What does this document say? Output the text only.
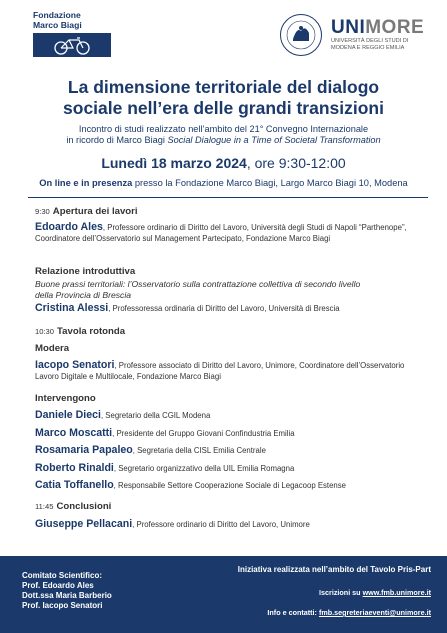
Fondazione
Marco Biagi	UNIMORE
UNIVERSITÀ DEGLI STUDI DI
MODENA E REGGIO EMILIA
La dimensione territoriale del dialogo
sociale nell’era delle grandi transizioni
Incontro di studi realizzato nell’ambito del 21° Convegno Internazionale
in ricordo di Marco Biagi Social Dialogue in a Time of Societal Transformation
Lunedì 18 marzo 2024, ore 9:30-12:00
On line e in presenza presso la Fondazione Marco Biagi, Largo Marco Biagi 10, Modena
9:30 Apertura dei lavori
Edoardo Ales, Professore ordinario di Diritto del Lavoro, Università degli Studi di Napoli “Parthenope”, Coordinatore dell’Osservatorio sul Management Partecipato, Fondazione Marco Biagi
Relazione introduttiva
Buone prassi territoriali: l’Osservatorio sulla contrattazione collettiva di secondo livello della Provincia di Brescia
Cristina Alessi, Professoressa ordinaria di Diritto del Lavoro, Università di Brescia
10:30 Tavola rotonda
Modera
Iacopo Senatori, Professore associato di Diritto del Lavoro, Unimore, Coordinatore dell’Osservatorio Lavoro Digitale e Multilocale, Fondazione Marco Biagi
Intervengono
Daniele Dieci, Segretario della CGIL Modena
Marco Moscatti, Presidente del Gruppo Giovani Confindustria Emilia
Rosamaria Papaleo, Segretaria della CISL Emilia Centrale
Roberto Rinaldi, Segretario organizzativo della UIL Emilia Romagna
Catia Toffanello, Responsabile Settore Cooperazione Sociale di Legacoop Estense
11:45 Conclusioni
Giuseppe Pellacani, Professore ordinario di Diritto del Lavoro, Unimore
Comitato Scientifico:
Prof. Edoardo Ales
Dott.ssa Maria Barberio
Prof. Iacopo Senatori
Iniziativa realizzata nell’ambito del Tavolo Pris-Part
Iscrizioni su www.fmb.unimore.it
Info e contatti: fmb.segreteriaeventi@unimore.it
